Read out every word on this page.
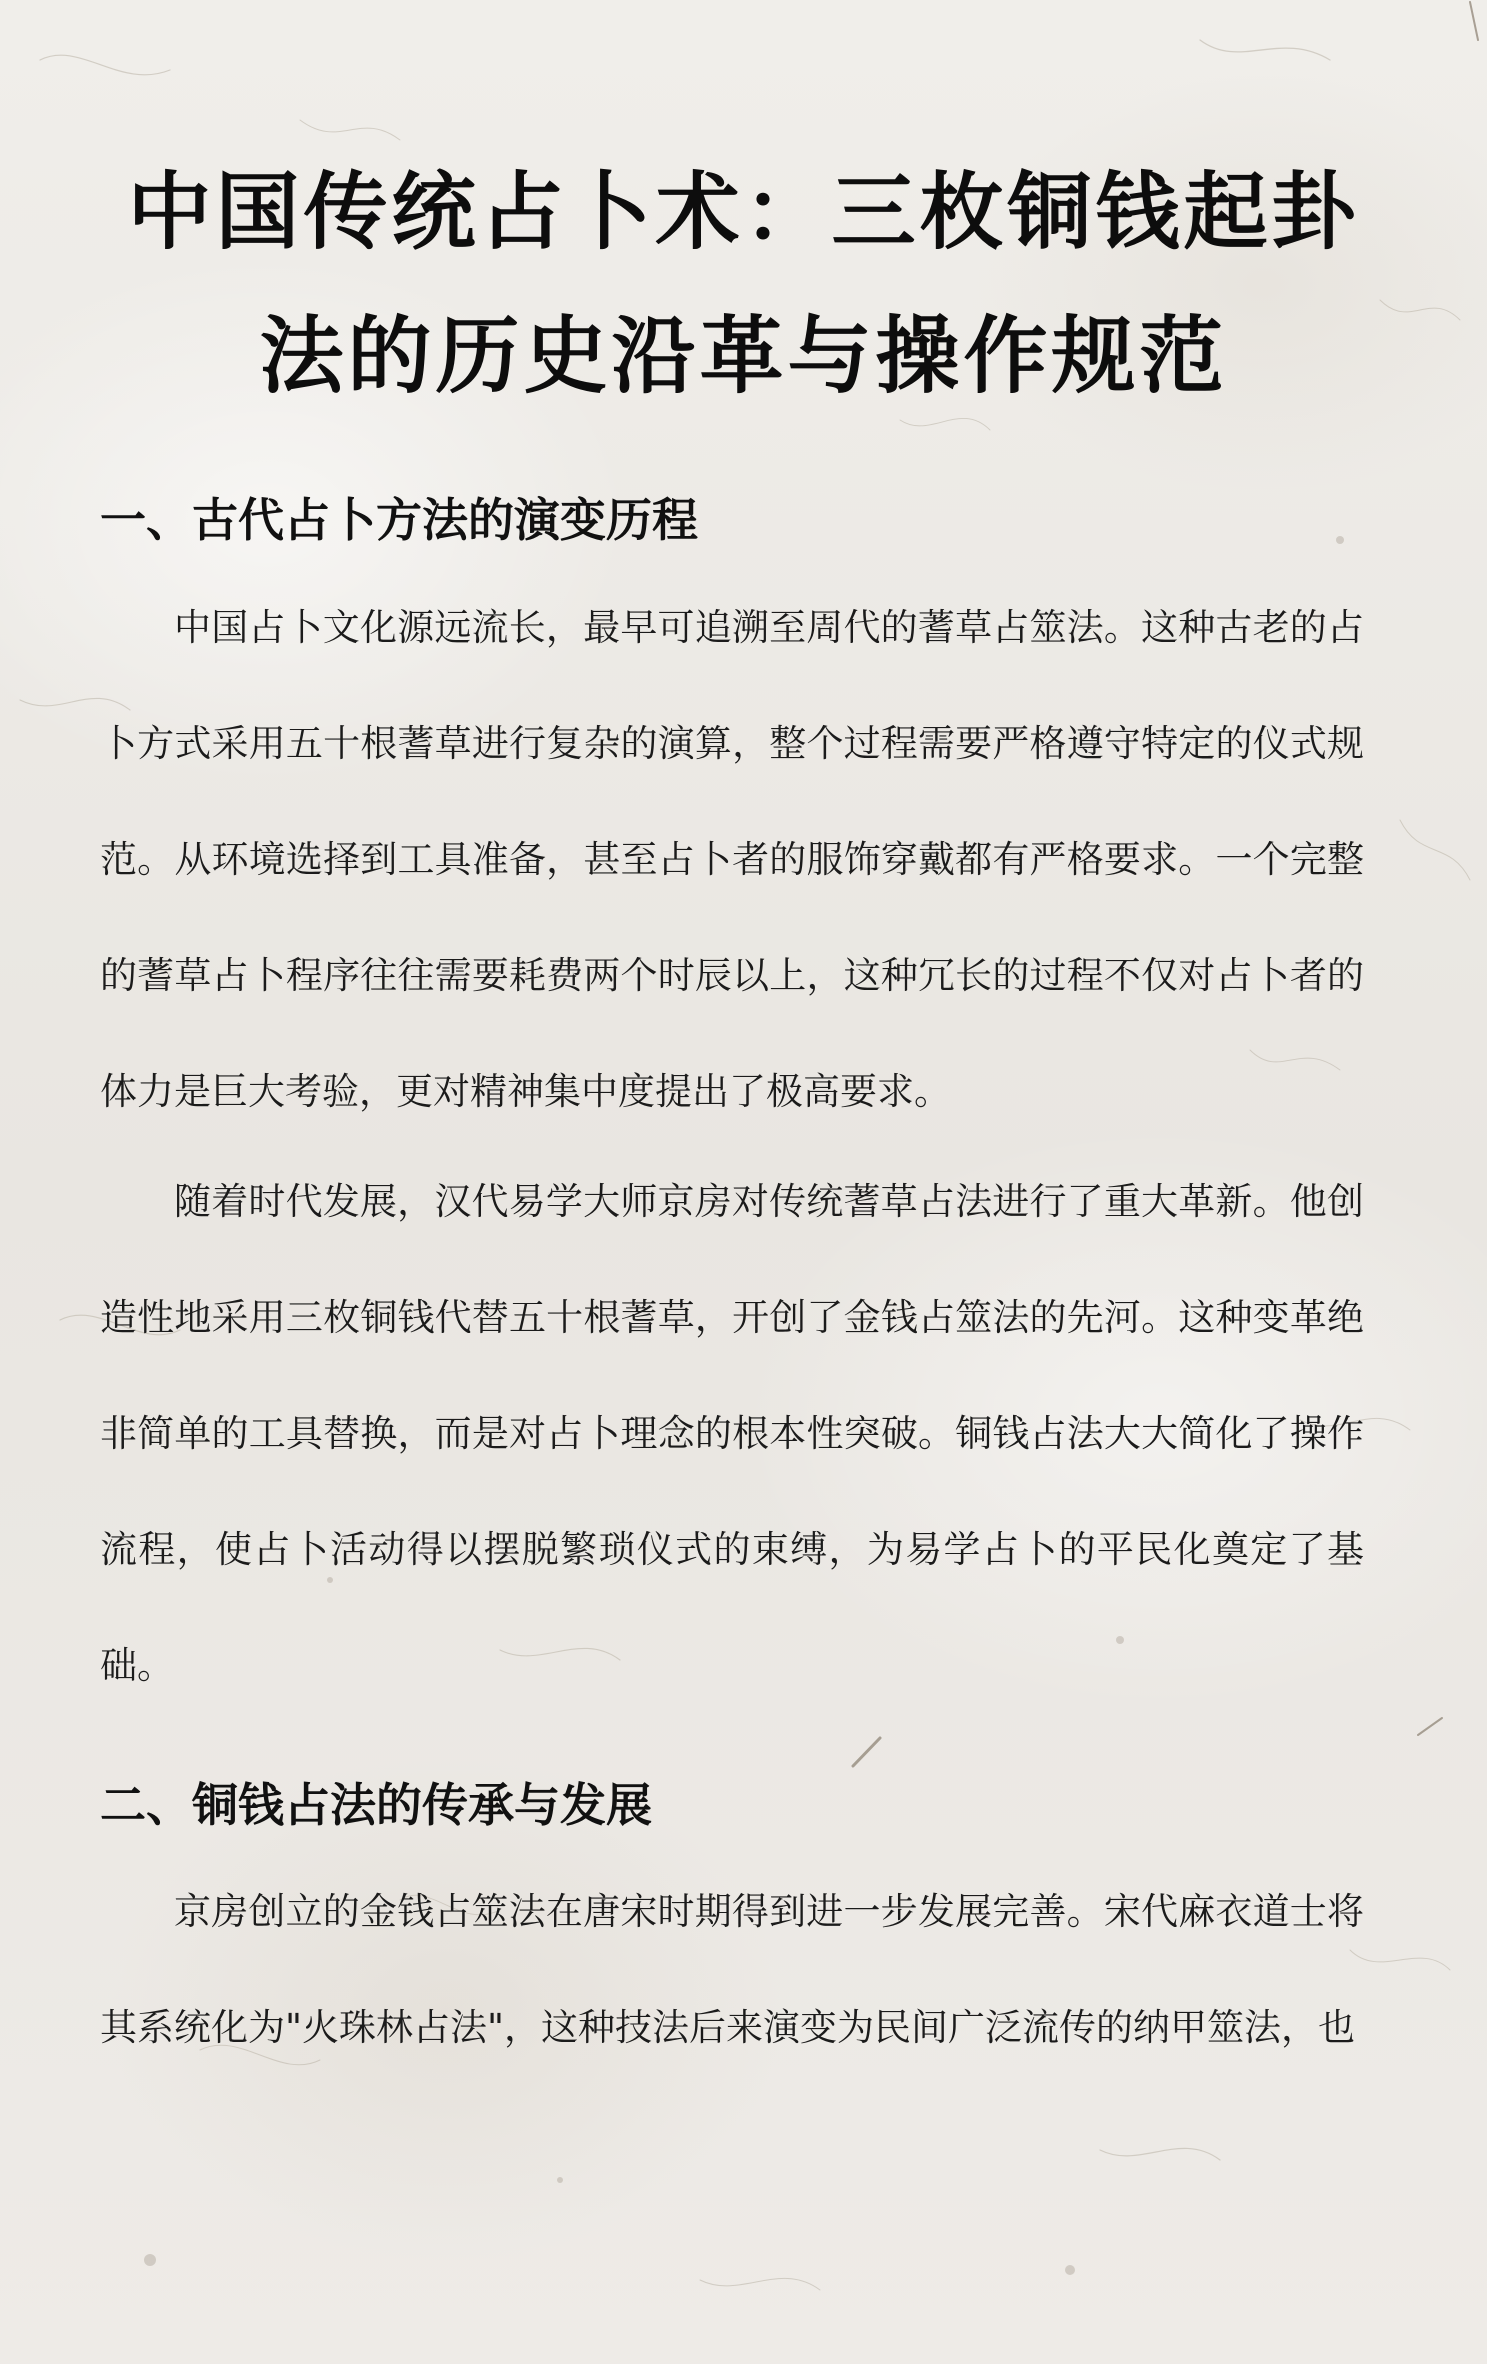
中国传统占卜术：三枚铜钱起卦法的历史沿革与操作规范
一、古代占卜方法的演变历程

中国占卜文化源远流长，最早可追溯至周代的蓍草占筮法。这种古老的占卜方式采用五十根蓍草进行复杂的演算，整个过程需要严格遵守特定的仪式规范。从环境选择到工具准备，甚至占卜者的服饰穿戴都有严格要求。一个完整的蓍草占卜程序往往需要耗费两个时辰以上，这种冗长的过程不仅对占卜者的体力是巨大考验，更对精神集中度提出了极高要求。

随着时代发展，汉代易学大师京房对传统蓍草占法进行了重大革新。他创造性地采用三枚铜钱代替五十根蓍草，开创了金钱占筮法的先河。这种变革绝非简单的工具替换，而是对占卜理念的根本性突破。铜钱占法大大简化了操作流程，使占卜活动得以摆脱繁琐仪式的束缚，为易学占卜的平民化奠定了基础。

二、铜钱占法的传承与发展

京房创立的金钱占筮法在唐宋时期得到进一步发展完善。宋代麻衣道士将其系统化为"火珠林占法"，这种技法后来演变为民间广泛流传的纳甲筮法，也
